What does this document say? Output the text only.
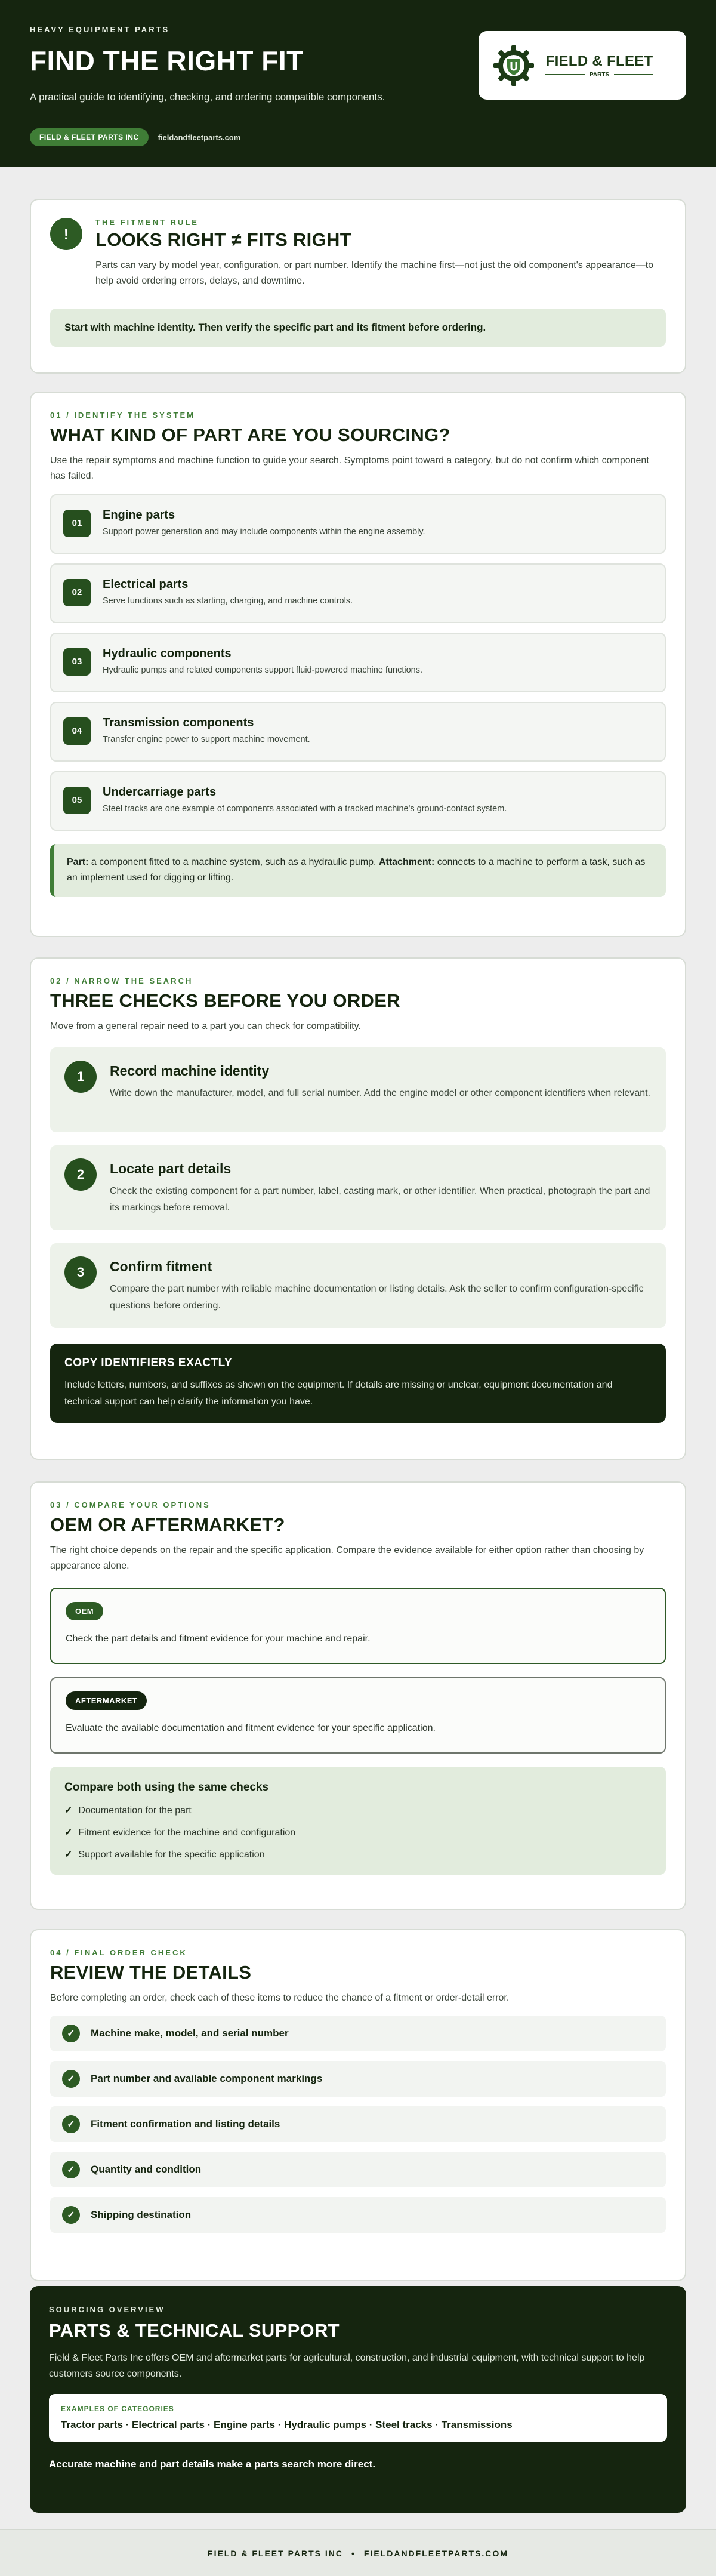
HEAVY EQUIPMENT PARTS
FIND THE RIGHT FIT

A practical guide to identifying, checking, and ordering compatible components.

FIELD & FLEET PARTS INC	fieldandfleetparts.com
FIELD & FLEET
PARTS
!
THE FITMENT RULE
LOOKS RIGHT ≠ FITS RIGHT

Parts can vary by model year, configuration, or part number. Identify the machine first—not just the old component's appearance—to help avoid ordering errors, delays, and downtime.

Start with machine identity. Then verify the specific part and its fitment before ordering.
01 / IDENTIFY THE SYSTEM
WHAT KIND OF PART ARE YOU SOURCING?

Use the repair symptoms and machine function to guide your search. Symptoms point toward a category, but do not confirm which component has failed.

01
Engine parts
Support power generation and may include components within the engine assembly.
02
Electrical parts
Serve functions such as starting, charging, and machine controls.
03
Hydraulic components
Hydraulic pumps and related components support fluid-powered machine functions.
04
Transmission components
Transfer engine power to support machine movement.
05
Undercarriage parts
Steel tracks are one example of components associated with a tracked machine's ground-contact system.
Part: a component fitted to a machine system, such as a hydraulic pump. Attachment: connects to a machine to perform a task, such as an implement used for digging or lifting.
02 / NARROW THE SEARCH
THREE CHECKS BEFORE YOU ORDER

Move from a general repair need to a part you can check for compatibility.

1	Record machine identity
Write down the manufacturer, model, and full serial number. Add the engine model or other component identifiers when relevant.
2	Locate part details
Check the existing component for a part number, label, casting mark, or other identifier. When practical, photograph the part and its markings before removal.
3	Confirm fitment
Compare the part number with reliable machine documentation or listing details. Ask the seller to confirm configuration-specific questions before ordering.
COPY IDENTIFIERS EXACTLY
Include letters, numbers, and suffixes as shown on the equipment. If details are missing or unclear, equipment documentation and technical support can help clarify the information you have.
03 / COMPARE YOUR OPTIONS
OEM OR AFTERMARKET?

The right choice depends on the repair and the specific application. Compare the evidence available for either option rather than choosing by appearance alone.

OEM
Check the part details and fitment evidence for your machine and repair.
AFTERMARKET
Evaluate the available documentation and fitment evidence for your specific application.
Compare both using the same checks
✓ Documentation for the part
✓ Fitment evidence for the machine and configuration
✓ Support available for the specific application
04 / FINAL ORDER CHECK
REVIEW THE DETAILS

Before completing an order, check each of these items to reduce the chance of a fitment or order-detail error.

✓	Machine make, model, and serial number
✓	Part number and available component markings
✓	Fitment confirmation and listing details
✓	Quantity and condition
✓	Shipping destination
SOURCING OVERVIEW
PARTS & TECHNICAL SUPPORT

Field & Fleet Parts Inc offers OEM and aftermarket parts for agricultural, construction, and industrial equipment, with technical support to help customers source components.

EXAMPLES OF CATEGORIES
Tractor parts · Electrical parts · Engine parts · Hydraulic pumps · Steel tracks · Transmissions

Accurate machine and part details make a parts search more direct.

FIELD & FLEET PARTS INC • FIELDANDFLEETPARTS.COM
